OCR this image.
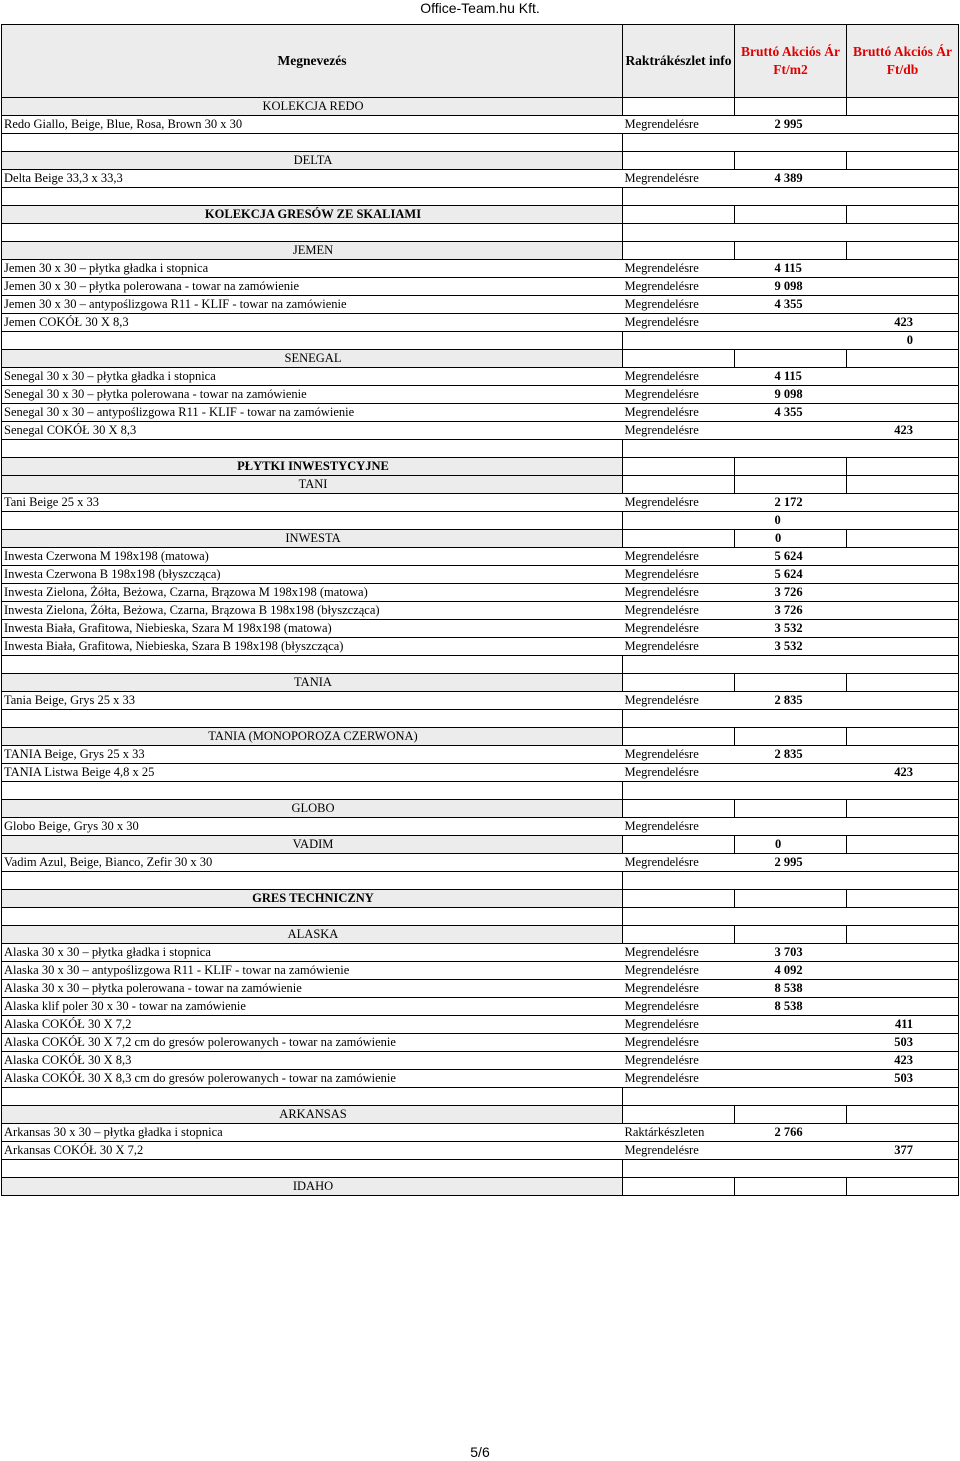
Office-Team.hu Kft.
Megnevezés	Raktrákészlet info	Bruttó Akciós Ár Ft/m2	Bruttó Akciós Ár Ft/db
KOLEKCJA REDO			
Redo Giallo, Beige, Blue, Rosa, Brown 30 x 30	Megrendelésre	2 995	

DELTA			
Delta Beige 33,3 x 33,3	Megrendelésre	4 389	

KOLEKCJA GRESÓW ZE SKALIAMI			

JEMEN			
Jemen 30 x 30 – płytka gładka i stopnica	Megrendelésre	4 115	
Jemen 30 x 30 – płytka polerowana - towar na zamówienie	Megrendelésre	9 098	
Jemen 30 x 30 – antypoślizgowa R11 - KLIF - towar na zamówienie	Megrendelésre	4 355	
Jemen COKÓŁ 30 X 8,3	Megrendelésre		423
			0
SENEGAL			
Senegal 30 x 30 – płytka gładka i stopnica	Megrendelésre	4 115	
Senegal 30 x 30 – płytka polerowana - towar na zamówienie	Megrendelésre	9 098	
Senegal 30 x 30 – antypoślizgowa R11 - KLIF - towar na zamówienie	Megrendelésre	4 355	
Senegal COKÓŁ 30 X 8,3	Megrendelésre		423

PŁYTKI INWESTYCYJNE			
TANI			
Tani Beige 25 x 33	Megrendelésre	2 172	
		0	
INWESTA		0	
Inwesta Czerwona M 198x198 (matowa)	Megrendelésre	5 624	
Inwesta Czerwona B 198x198 (błyszcząca)	Megrendelésre	5 624	
Inwesta Zielona, Żółta, Beżowa, Czarna, Brązowa M 198x198 (matowa)	Megrendelésre	3 726	
Inwesta Zielona, Żółta, Beżowa, Czarna, Brązowa B 198x198 (błyszcząca)	Megrendelésre	3 726	
Inwesta Biała, Grafitowa, Niebieska, Szara M 198x198 (matowa)	Megrendelésre	3 532	
Inwesta Biała, Grafitowa, Niebieska, Szara B 198x198 (błyszcząca)	Megrendelésre	3 532	

TANIA			
Tania Beige, Grys 25 x 33	Megrendelésre	2 835	

TANIA (MONOPOROZA CZERWONA)			
TANIA Beige, Grys 25 x 33	Megrendelésre	2 835	
TANIA Listwa Beige 4,8 x 25	Megrendelésre		423

GLOBO			
Globo Beige, Grys 30 x 30	Megrendelésre		
VADIM		0	
Vadim Azul, Beige, Bianco, Zefir 30 x 30	Megrendelésre	2 995	

GRES TECHNICZNY			

ALASKA			
Alaska 30 x 30 – płytka gładka i stopnica	Megrendelésre	3 703	
Alaska 30 x 30 – antypoślizgowa R11 - KLIF - towar na zamówienie	Megrendelésre	4 092	
Alaska 30 x 30 – płytka polerowana - towar na zamówienie	Megrendelésre	8 538	
Alaska klif poler 30 x 30 - towar na zamówienie	Megrendelésre	8 538	
Alaska COKÓŁ 30 X 7,2	Megrendelésre		411
Alaska COKÓŁ 30 X 7,2 cm do gresów polerowanych - towar na zamówienie	Megrendelésre		503
Alaska COKÓŁ 30 X 8,3	Megrendelésre		423
Alaska COKÓŁ 30 X 8,3 cm do gresów polerowanych - towar na zamówienie	Megrendelésre		503

ARKANSAS			
Arkansas 30 x 30 – płytka gładka i stopnica	Raktárkészleten	2 766	
Arkansas COKÓŁ 30 X 7,2	Megrendelésre		377

IDAHO			
5/6
